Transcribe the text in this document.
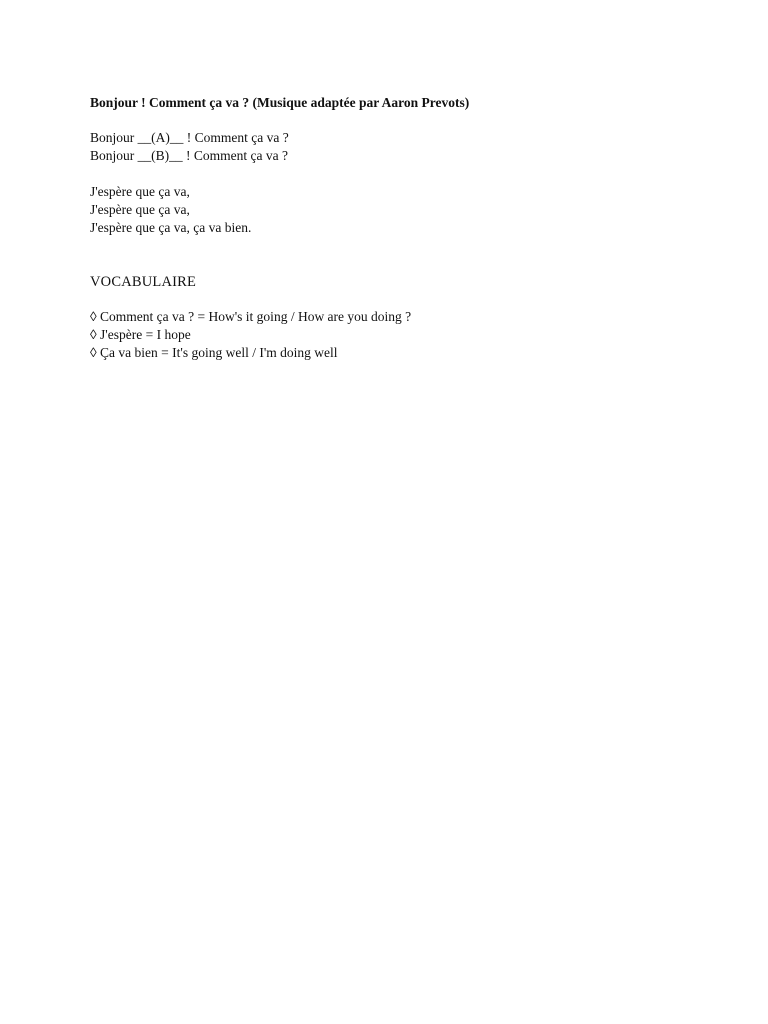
Bonjour ! Comment ça va ? (Musique adaptée par Aaron Prevots)
Bonjour __(A)__ ! Comment ça va ?
Bonjour __(B)__ ! Comment ça va ?
J'espère que ça va,
J'espère que ça va,
J'espère que ça va, ça va bien.
VOCABULAIRE
◊ Comment ça va ? = How's it going / How are you doing ?
◊ J'espère = I hope
◊ Ça va bien = It's going well / I'm doing well
